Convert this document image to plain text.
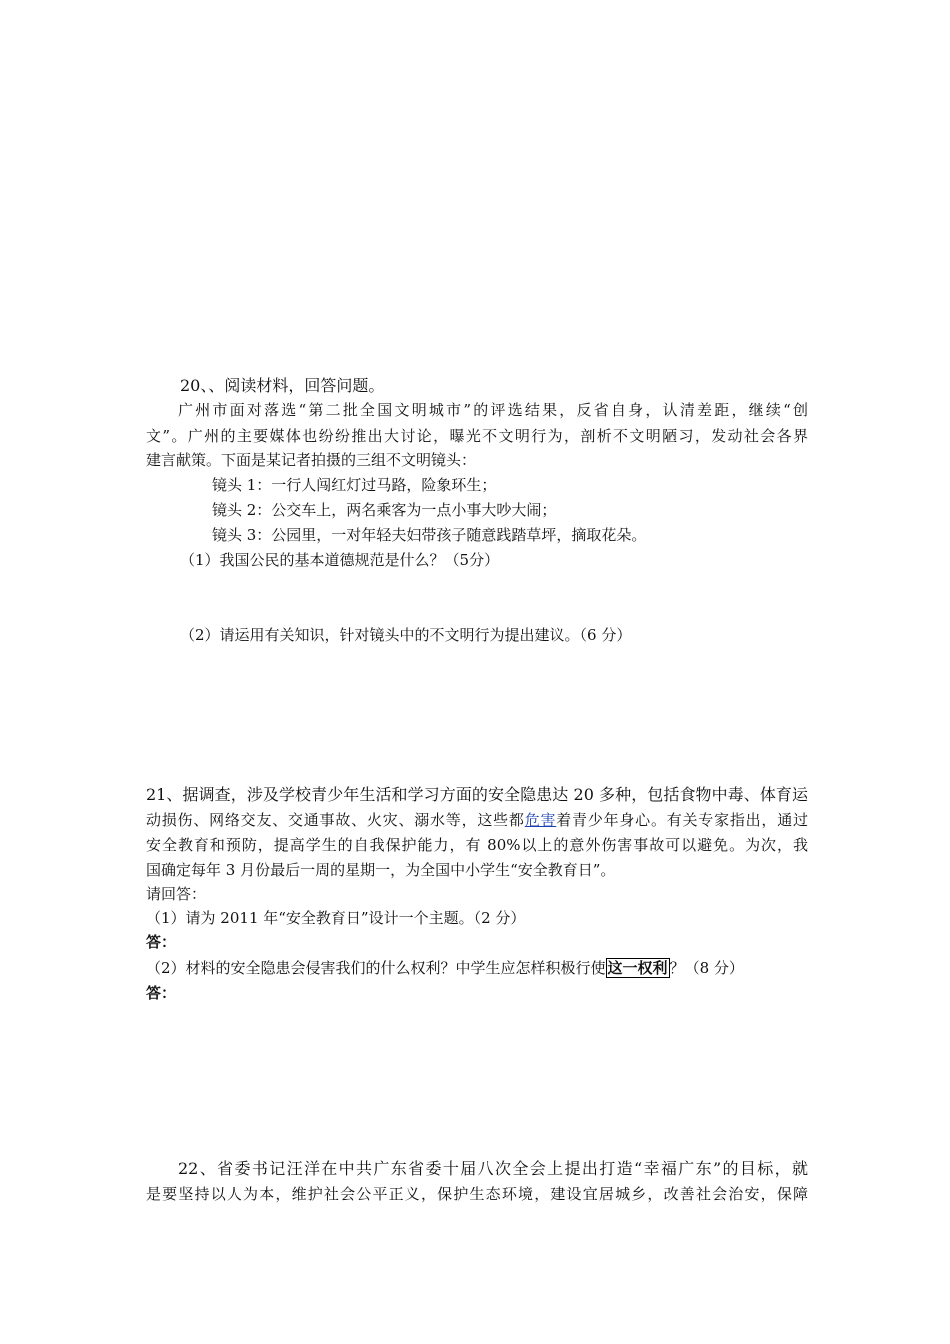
20、、阅读材料，回答问题。
广州市面对落选“第二批全国文明城市”的评选结果，反省自身，认清差距，继续“创
文”。广州的主要媒体也纷纷推出大讨论，曝光不文明行为，剖析不文明陋习，发动社会各界
建言献策。下面是某记者拍摄的三组不文明镜头：
镜头 1：一行人闯红灯过马路，险象环生；
镜头 2：公交车上，两名乘客为一点小事大吵大闹；
镜头 3：公园里，一对年轻夫妇带孩子随意践踏草坪，摘取花朵。
（1）我国公民的基本道德规范是什么？（5分）
（2）请运用有关知识，针对镜头中的不文明行为提出建议。（6 分）
21、据调查，涉及学校青少年生活和学习方面的安全隐患达 20 多种，包括食物中毒、体育运
动损伤、网络交友、交通事故、火灾、溺水等，这些都危害着青少年身心。有关专家指出，通过
安全教育和预防，提高学生的自我保护能力，有 80%以上的意外伤害事故可以避免。为次，我
国确定每年 3 月份最后一周的星期一，为全国中小学生“安全教育日”。
请回答：
（1）请为 2011 年“安全教育日”设计一个主题。（2 分）
答：
（2）材料的安全隐患会侵害我们的什么权利？中学生应怎样积极行使 这一权利 ？（8 分）
答：
22、省委书记汪洋在中共广东省委十届八次全会上提出打造“幸福广东”的目标，就
是要坚持以人为本，维护社会公平正义，保护生态环境，建设宜居城乡，改善社会治安，保障
